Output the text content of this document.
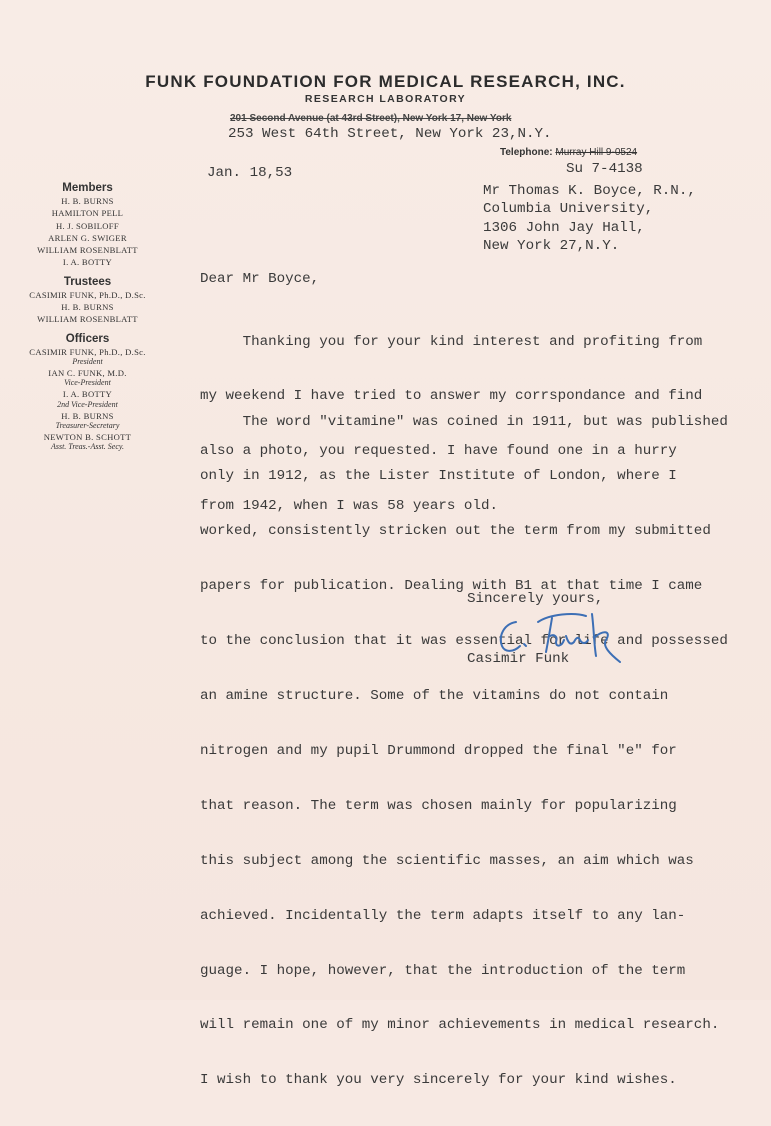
FUNK FOUNDATION FOR MEDICAL RESEARCH, INC.
RESEARCH LABORATORY
201 Second Avenue (at 43rd Street), New York 17, New York
253 West 64th Street, New York 23,N.Y.
Telephone: Murray Hill 9-0524
Su 7-4138
Jan. 18,53
Mr Thomas K. Boyce, R.N.,
Columbia University,
1306 John Jay Hall,
New York 27,N.Y.
Members
H. B. BURNS
HAMILTON PELL
H. J. SOBILOFF
ARLEN G. SWIGER
WILLIAM ROSENBLATT
I. A. BOTTY
Trustees
CASIMIR FUNK, Ph.D., D.Sc.
H. B. BURNS
WILLIAM ROSENBLATT
Officers
CASIMIR FUNK, Ph.D., D.Sc.
President
IAN C. FUNK, M.D.
Vice-President
I. A. BOTTY
2nd Vice-President
H. B. BURNS
Treasurer-Secretary
NEWTON B. SCHOTT
Asst. Treas.-Asst. Secy.
Dear Mr Boyce,

Thanking you for your kind interest and profiting from

my weekend I have tried to answer my corrspondance and find

also a photo, you requested. I have found one in a hurry

from 1942, when I was 58 years old.

The word "vitamine" was coined in 1911, but was published

only in 1912, as the Lister Institute of London, where I

worked, consistently stricken out the term from my submitted

papers for publication. Dealing with B1 at that time I came

to the conclusion that it was essential for life and possessed

an amine structure. Some of the vitamins do not contain

nitrogen and my pupil Drummond dropped the final "e" for

that reason. The term was chosen mainly for popularizing

this subject among the scientific masses, an aim which was

achieved. Incidentally the term adapts itself to any lan-

guage. I hope, however, that the introduction of the term

will remain one of my minor achievements in medical research.

I wish to thank you very sincerely for your kind wishes.

Sincerely yours,
Casimir Funk
